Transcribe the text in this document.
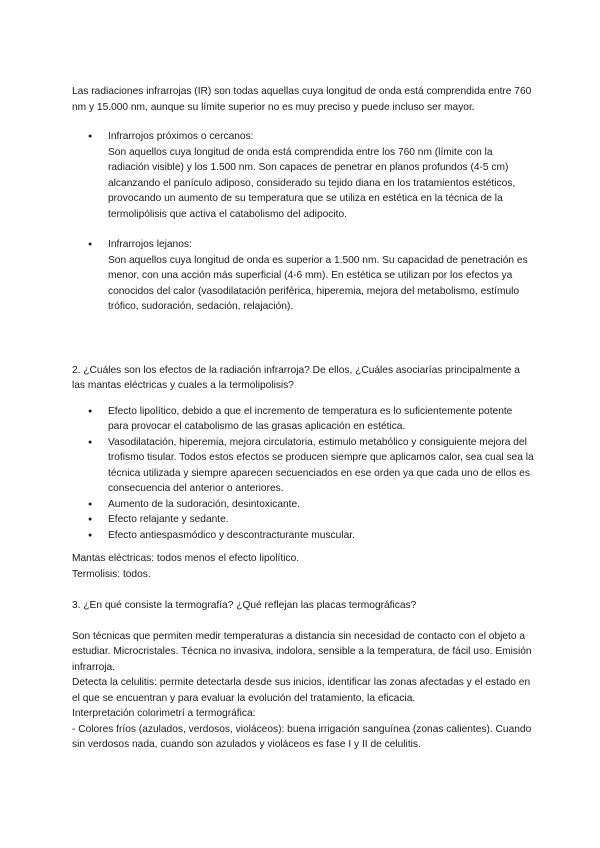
Las radiaciones infrarrojas (IR) son todas aquellas cuya longitud de onda está comprendida entre 760 nm y 15.000 nm, aunque su límite superior no es muy preciso y puede incluso ser mayor.

● Infrarrojos próximos o cercanos:
Son aquellos cuya longitud de onda está comprendida entre los 760 nm (límite con la radiación visible) y los 1.500 nm. Son capaces de penetrar en planos profundos (4-5 cm) alcanzando el panículo adiposo, considerado su tejido diana en los tratamientos estéticos, provocando un aumento de su temperatura que se utiliza en estética en la técnica de la termolipólisis que activa el catabolismo del adipocito.
● Infrarrojos lejanos:
Son aquellos cuya longitud de onda es superior a 1.500 nm. Su capacidad de penetración es menor, con una acción más superficial (4-6 mm). En estética se utilizan por los efectos ya conocidos del calor (vasodilatación periférica, hiperemia, mejora del metabolismo, estímulo trófico, sudoración, sedación, relajación).

2. ¿Cuáles son los efectos de la radiación infrarroja? De ellos, ¿Cuáles asociarías principalmente a las mantas eléctricas y cuales a la termolipolisis?

● Efecto lipolítico, debido a que el incremento de temperatura es lo suficientemente potente para provocar el catabolismo de las grasas aplicación en estética.
● Vasodilatación, hiperemia, mejora circulatoria, estimulo metabólico y consiguiente mejora del trofismo tisular. Todos estos efectos se producen siempre que aplicamos calor, sea cual sea la técnica utilizada y siempre aparecen secuenciados en ese orden ya que cada uno de ellos es consecuencia del anterior o anteriores.
● Aumento de la sudoración, desintoxicante.
● Efecto relajante y sedante.
● Efecto antiespasmódico y descontracturante muscular.

Mantas eléctricas: todos menos el efecto lipolítico.

Termolisis: todos.

3. ¿En qué consiste la termografía? ¿Qué reflejan las placas termográficas?

Son técnicas que permiten medir temperaturas a distancia sin necesidad de contacto con el objeto a estudiar. Microcristales. Técnica no invasiva, indolora, sensible a la temperatura, de fácil uso. Emisión infrarroja.

Detecta la celulitis: permite detectarla desde sus inicios, identificar las zonas afectadas y el estado en el que se encuentran y para evaluar la evolución del tratamiento, la eficacia.

Interpretación colorimetrí a termográfica:

- Colores fríos (azulados, verdosos, violáceos): buena irrigación sanguínea (zonas calientes). Cuando sin verdosos nada, cuando son azulados y violáceos es fase I y II de celulitis.
